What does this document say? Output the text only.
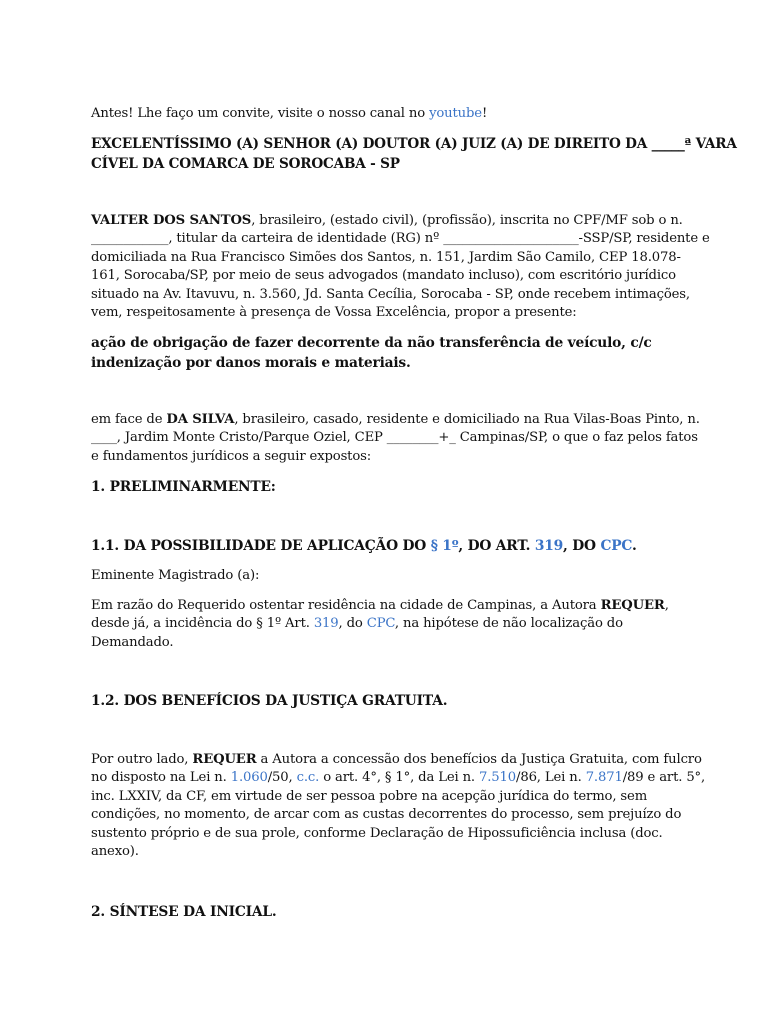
Antes! Lhe faço um convite, visite o nosso canal no youtube!

EXCELENTÍSSIMO (A) SENHOR (A) DOUTOR (A) JUIZ (A) DE DIREITO DA _____ª VARA
CÍVEL DA COMARCA DE SOROCABA - SP

VALTER DOS SANTOS, brasileiro, (estado civil), (profissão), inscrita no CPF/MF sob o n.
____________, titular da carteira de identidade (RG) nº _____________________-SSP/SP, residente e
domiciliada na Rua Francisco Simões dos Santos, n. 151, Jardim São Camilo, CEP 18.078-
161, Sorocaba/SP, por meio de seus advogados (mandato incluso), com escritório jurídico
situado na Av. Itavuvu, n. 3.560, Jd. Santa Cecília, Sorocaba - SP, onde recebem intimações,
vem, respeitosamente à presença de Vossa Excelência, propor a presente:

ação de obrigação de fazer decorrente da não transferência de veículo, c/c
indenização por danos morais e materiais.

em face de DA SILVA, brasileiro, casado, residente e domiciliado na Rua Vilas-Boas Pinto, n.
____, Jardim Monte Cristo/Parque Oziel, CEP ________+_ Campinas/SP, o que o faz pelos fatos
e fundamentos jurídicos a seguir expostos:

1. PRELIMINARMENTE:

1.1. DA POSSIBILIDADE DE APLICAÇÃO DO § 1º, DO ART. 319, DO CPC.

Eminente Magistrado (a):

Em razão do Requerido ostentar residência na cidade de Campinas, a Autora REQUER,
desde já, a incidência do § 1º Art. 319, do CPC, na hipótese de não localização do
Demandado.

1.2. DOS BENEFÍCIOS DA JUSTIÇA GRATUITA.

Por outro lado, REQUER a Autora a concessão dos benefícios da Justiça Gratuita, com fulcro
no disposto na Lei n. 1.060/50, c.c. o art. 4°, § 1°, da Lei n. 7.510/86, Lei n. 7.871/89 e art. 5°,
inc. LXXIV, da CF, em virtude de ser pessoa pobre na acepção jurídica do termo, sem
condições, no momento, de arcar com as custas decorrentes do processo, sem prejuízo do
sustento próprio e de sua prole, conforme Declaração de Hipossuficiência inclusa (doc.
anexo).

2. SÍNTESE DA INICIAL.
